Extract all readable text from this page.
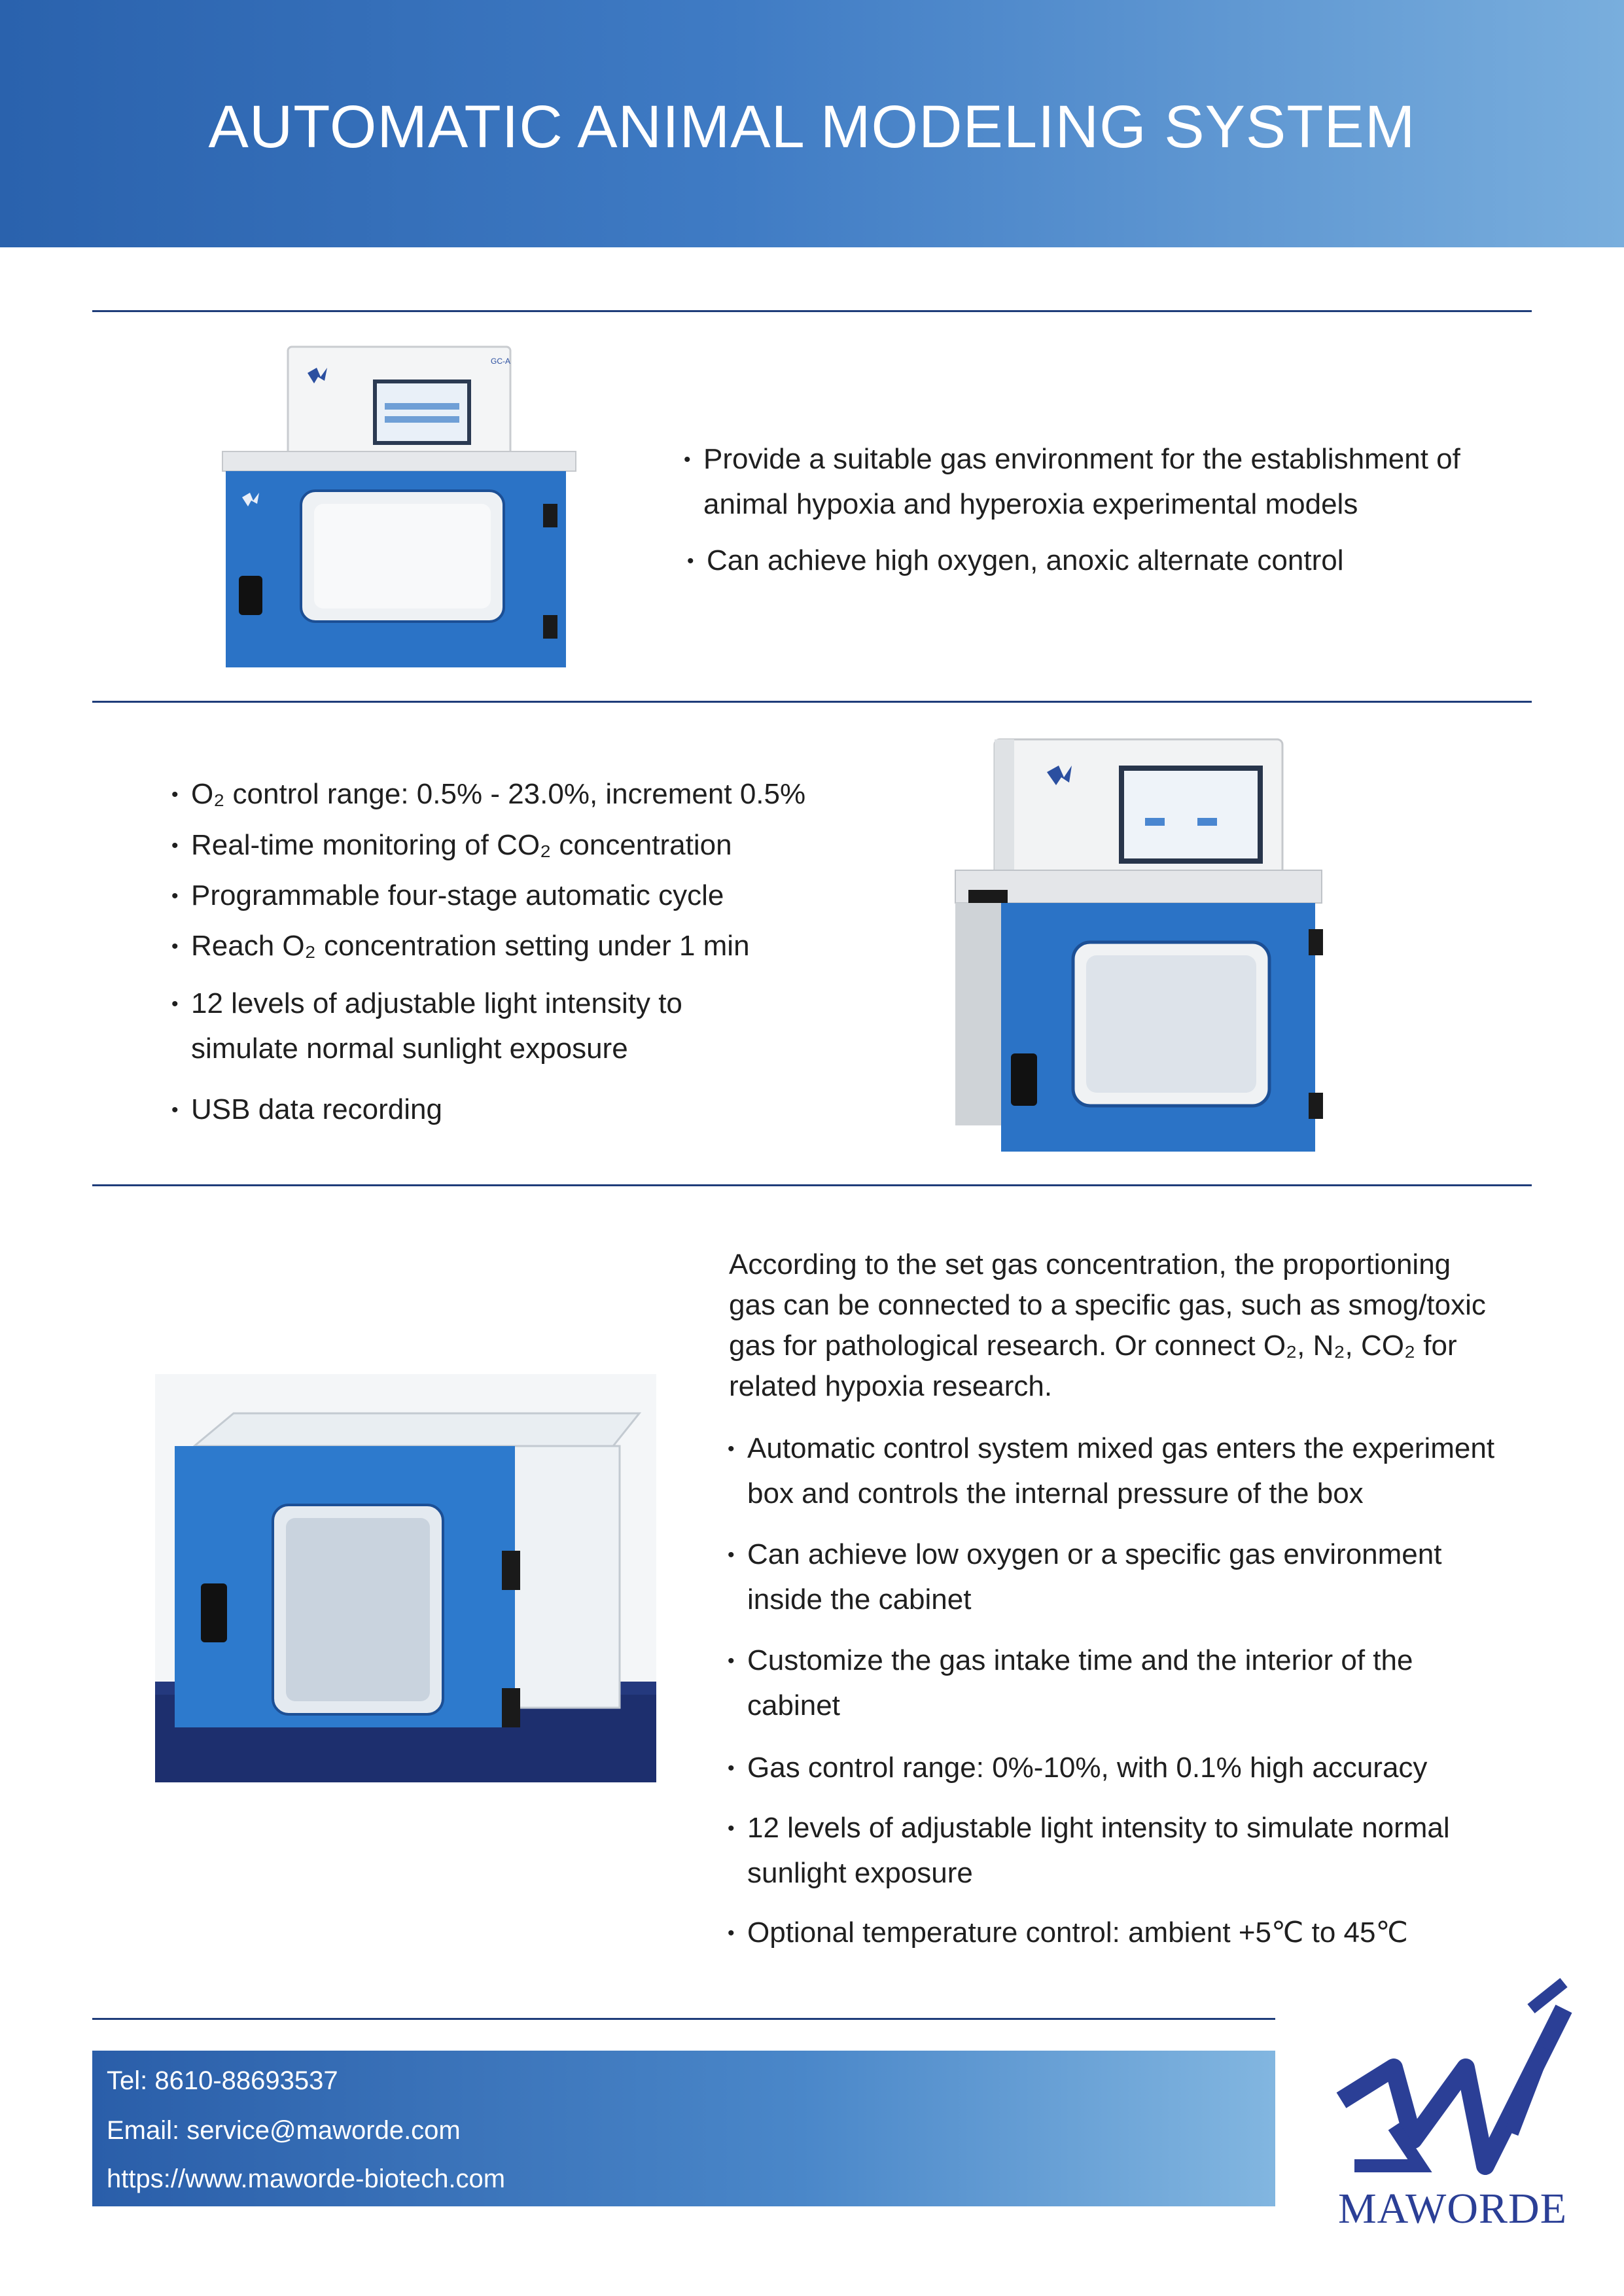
AUTOMATIC ANIMAL MODELING SYSTEM
GC-A
• Provide a suitable gas environment for the establishment of
animal hypoxia and hyperoxia experimental models
• Can achieve high oxygen, anoxic alternate control
• O₂ control range: 0.5% - 23.0%, increment 0.5%
• Real-time monitoring of CO₂ concentration
• Programmable four-stage automatic cycle
• Reach O₂ concentration setting under 1 min
• 12 levels of adjustable light intensity to
simulate normal sunlight exposure
• USB data recording
According to the set gas concentration, the proportioning
gas can be connected to a specific gas, such as smog/toxic
gas for pathological research. Or connect O₂, N₂, CO₂ for
related hypoxia research.
• Automatic control system mixed gas enters the experiment
box and controls the internal pressure of the box
• Can achieve low oxygen or a specific gas environment
inside the cabinet
• Customize the gas intake time and the interior of the
cabinet
• Gas control range: 0%-10%, with 0.1% high accuracy
• 12 levels of adjustable light intensity to simulate normal
sunlight exposure
• Optional temperature control: ambient +5℃ to 45℃
Tel: 8610-88693537
Email: service@maworde.com
https://www.maworde-biotech.com
MAWORDE
